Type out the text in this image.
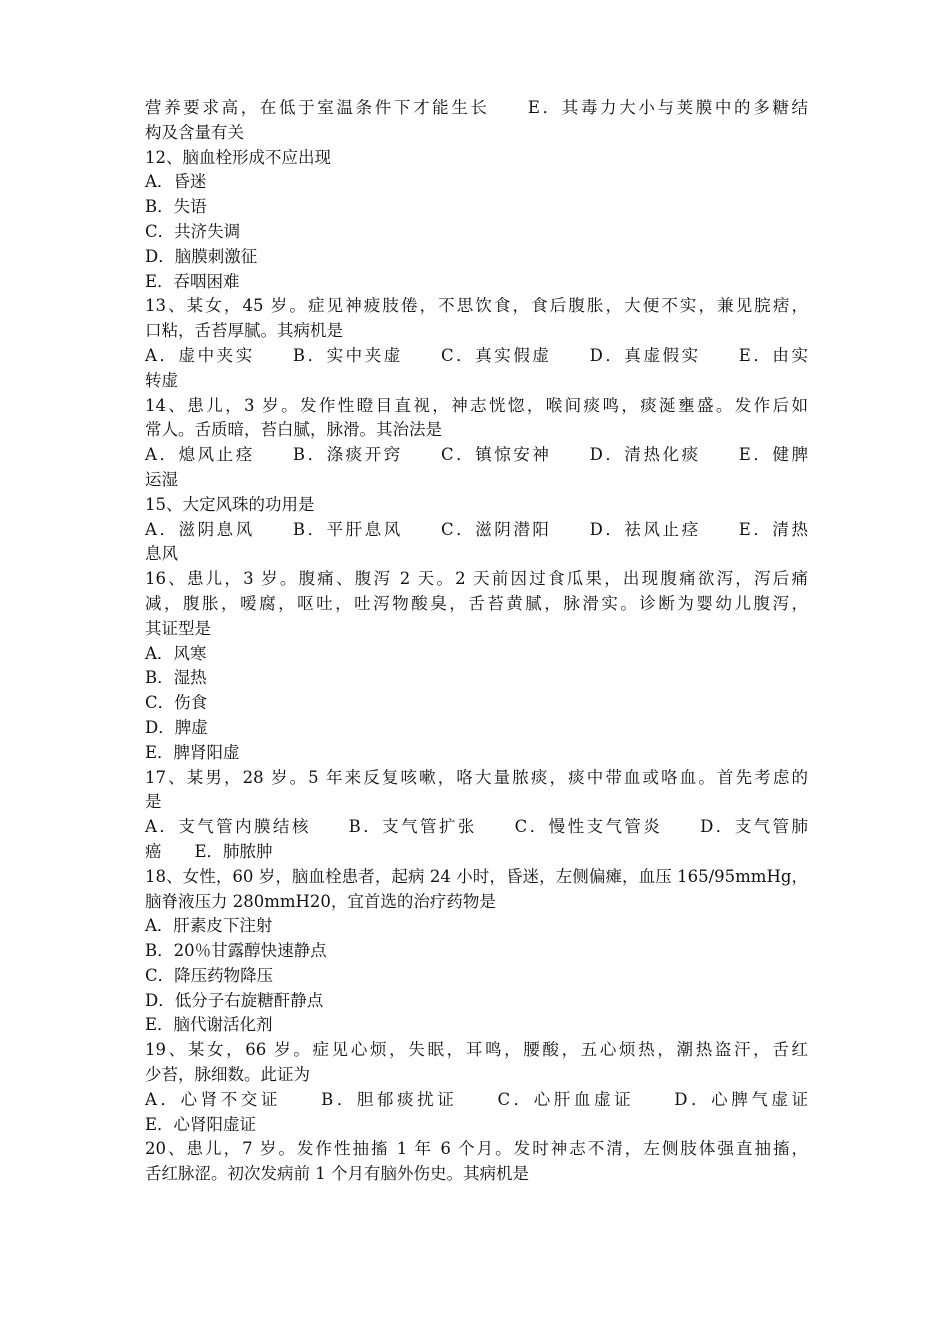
营养要求高，在低于室温条件下才能生长　　E．其毒力大小与荚膜中的多糖结
构及含量有关
12、脑血栓形成不应出现
A．昏迷
B．失语
C．共济失调
D．脑膜刺激征
E．吞咽困难
13、某女，45 岁。症见神疲肢倦，不思饮食，食后腹胀，大便不实，兼见脘痞，
口粘，舌苔厚腻。其病机是
A．虚中夹实　　B．实中夹虚　　C．真实假虚　　D．真虚假实　　E．由实
转虚
14、患儿，3 岁。发作性瞪目直视，神志恍惚，喉间痰鸣，痰涎壅盛。发作后如
常人。舌质暗，苔白腻，脉滑。其治法是
A．熄风止痉　　B．涤痰开窍　　C．镇惊安神　　D．清热化痰　　E．健脾
运湿
15、大定风珠的功用是
A．滋阴息风　　B．平肝息风　　C．滋阴潜阳　　D．祛风止痉　　E．清热
息风
16、患儿，3 岁。腹痛、腹泻 2 天。2 天前因过食瓜果，出现腹痛欲泻，泻后痛
减，腹胀，嗳腐，呕吐，吐泻物酸臭，舌苔黄腻，脉滑实。诊断为婴幼儿腹泻，
其证型是
A．风寒
B．湿热
C．伤食
D．脾虚
E．脾肾阳虚
17、某男，28 岁。5 年来反复咳嗽，咯大量脓痰，痰中带血或咯血。首先考虑的
是
A．支气管内膜结核　　B．支气管扩张　　C．慢性支气管炎　　D．支气管肺
癌　　E．肺脓肿
18、女性，60 岁，脑血栓患者，起病 24 小时，昏迷，左侧偏瘫，血压 165/95mmHg，
脑脊液压力 280mmH20，宜首选的治疗药物是
A．肝素皮下注射
B．20％甘露醇快速静点
C．降压药物降压
D．低分子右旋糖酐静点
E．脑代谢活化剂
19、某女，66 岁。症见心烦，失眠，耳鸣，腰酸，五心烦热，潮热盗汗，舌红
少苔，脉细数。此证为
A．心肾不交证　　B．胆郁痰扰证　　C．心肝血虚证　　D．心脾气虚证
E．心肾阳虚证
20、患儿，7 岁。发作性抽搐 1 年 6 个月。发时神志不清，左侧肢体强直抽搐，
舌红脉涩。初次发病前 1 个月有脑外伤史。其病机是
